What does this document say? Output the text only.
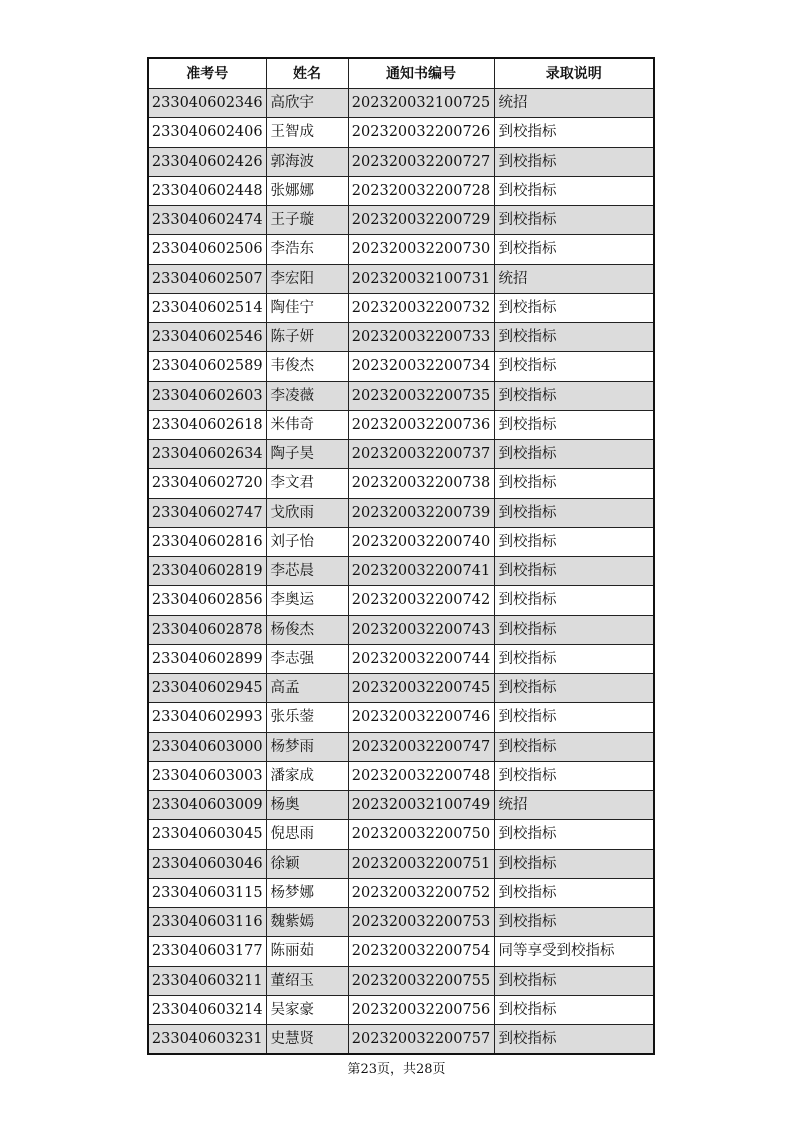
准考号	姓名	通知书编号	录取说明
233040602346	高欣宇	202320032100725	统招
233040602406	王智成	202320032200726	到校指标
233040602426	郭海波	202320032200727	到校指标
233040602448	张娜娜	202320032200728	到校指标
233040602474	王子璇	202320032200729	到校指标
233040602506	李浩东	202320032200730	到校指标
233040602507	李宏阳	202320032100731	统招
233040602514	陶佳宁	202320032200732	到校指标
233040602546	陈子妍	202320032200733	到校指标
233040602589	韦俊杰	202320032200734	到校指标
233040602603	李凌薇	202320032200735	到校指标
233040602618	米伟奇	202320032200736	到校指标
233040602634	陶子昊	202320032200737	到校指标
233040602720	李文君	202320032200738	到校指标
233040602747	戈欣雨	202320032200739	到校指标
233040602816	刘子怡	202320032200740	到校指标
233040602819	李芯晨	202320032200741	到校指标
233040602856	李奥运	202320032200742	到校指标
233040602878	杨俊杰	202320032200743	到校指标
233040602899	李志强	202320032200744	到校指标
233040602945	高孟	202320032200745	到校指标
233040602993	张乐蓥	202320032200746	到校指标
233040603000	杨梦雨	202320032200747	到校指标
233040603003	潘家成	202320032200748	到校指标
233040603009	杨奥	202320032100749	统招
233040603045	倪思雨	202320032200750	到校指标
233040603046	徐颖	202320032200751	到校指标
233040603115	杨梦娜	202320032200752	到校指标
233040603116	魏紫嫣	202320032200753	到校指标
233040603177	陈丽茹	202320032200754	同等享受到校指标
233040603211	董绍玉	202320032200755	到校指标
233040603214	吴家豪	202320032200756	到校指标
233040603231	史慧贤	202320032200757	到校指标
第23页，共28页
